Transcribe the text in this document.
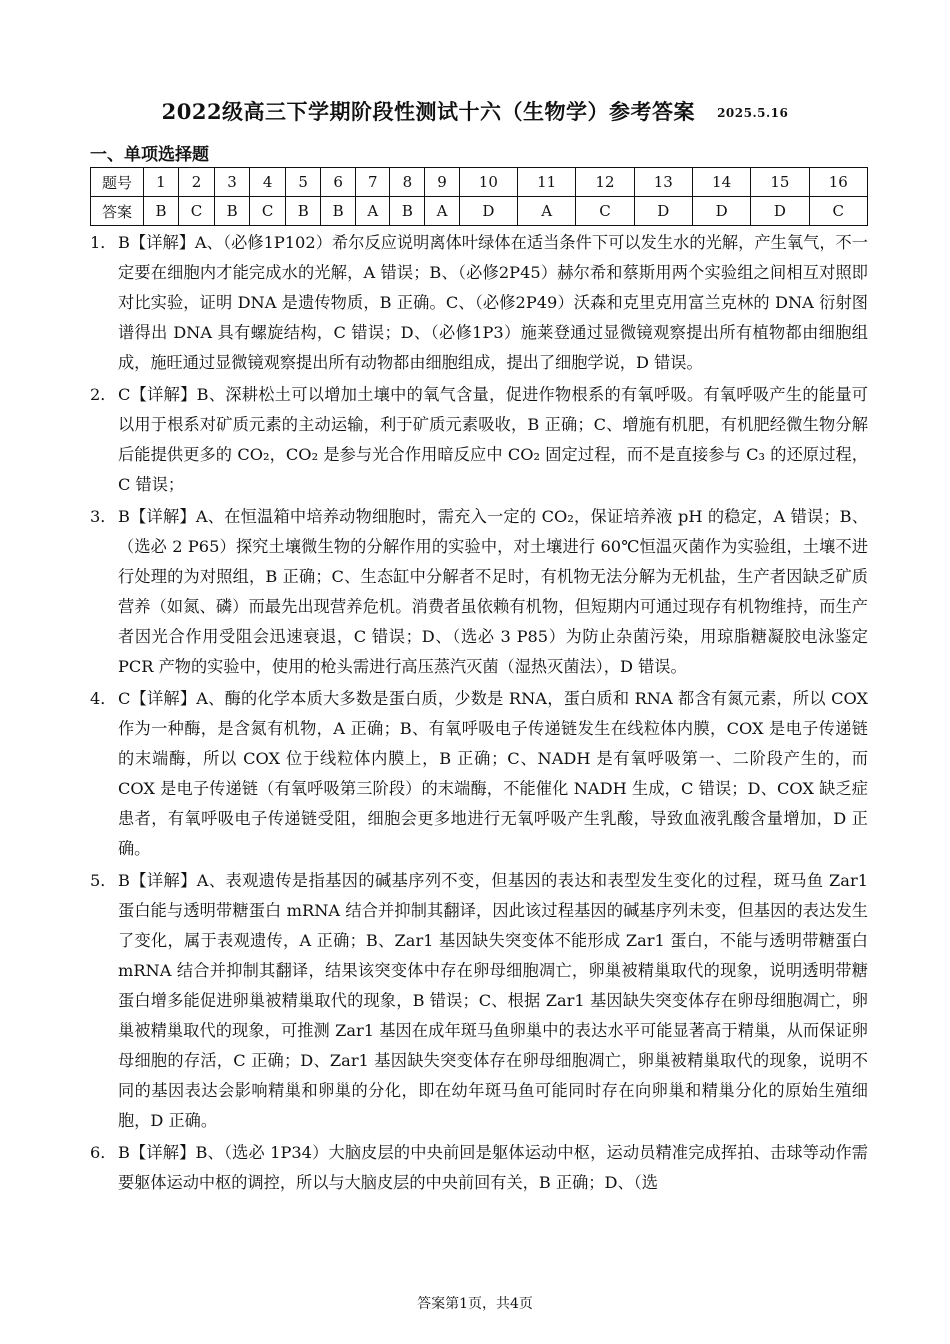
2022级高三下学期阶段性测试十六（生物学）参考答案 2025.5.16
一、单项选择题
题号	1	2	3	4	5	6	7	8	9	10	11	12	13	14	15	16
答案	B	C	B	C	B	B	A	B	A	D	A	C	D	D	D	C
1．B【详解】A、（必修1P102）希尔反应说明离体叶绿体在适当条件下可以发生水的光解，产生氧气，不一定要在细胞内才能完成水的光解，A 错误；B、（必修2P45）赫尔希和蔡斯用两个实验组之间相互对照即对比实验，证明 DNA 是遗传物质，B 正确。C、（必修2P49）沃森和克里克用富兰克林的 DNA 衍射图谱得出 DNA 具有螺旋结构，C 错误；D、（必修1P3）施莱登通过显微镜观察提出所有植物都由细胞组成，施旺通过显微镜观察提出所有动物都由细胞组成，提出了细胞学说，D 错误。
2．C【详解】B、深耕松土可以增加土壤中的氧气含量，促进作物根系的有氧呼吸。有氧呼吸产生的能量可以用于根系对矿质元素的主动运输，利于矿质元素吸收，B 正确；C、增施有机肥，有机肥经微生物分解后能提供更多的 CO₂，CO₂ 是参与光合作用暗反应中 CO₂ 固定过程，而不是直接参与 C₃ 的还原过程，C 错误；
3．B【详解】A、在恒温箱中培养动物细胞时，需充入一定的 CO₂，保证培养液 pH 的稳定，A 错误；B、（选必 2 P65）探究土壤微生物的分解作用的实验中，对土壤进行 60℃恒温灭菌作为实验组，土壤不进行处理的为对照组，B 正确；C、生态缸中分解者不足时，有机物无法分解为无机盐，生产者因缺乏矿质营养（如氮、磷）而最先出现营养危机。消费者虽依赖有机物，但短期内可通过现存有机物维持，而生产者因光合作用受阻会迅速衰退，C 错误；D、（选必 3 P85）为防止杂菌污染，用琼脂糖凝胶电泳鉴定 PCR 产物的实验中，使用的枪头需进行高压蒸汽灭菌（湿热灭菌法），D 错误。
4．C【详解】A、酶的化学本质大多数是蛋白质，少数是 RNA，蛋白质和 RNA 都含有氮元素，所以 COX 作为一种酶，是含氮有机物，A 正确；B、有氧呼吸电子传递链发生在线粒体内膜，COX 是电子传递链的末端酶，所以 COX 位于线粒体内膜上，B 正确；C、NADH 是有氧呼吸第一、二阶段产生的，而 COX 是电子传递链（有氧呼吸第三阶段）的末端酶，不能催化 NADH 生成，C 错误；D、COX 缺乏症患者，有氧呼吸电子传递链受阻，细胞会更多地进行无氧呼吸产生乳酸，导致血液乳酸含量增加，D 正确。
5．B【详解】A、表观遗传是指基因的碱基序列不变，但基因的表达和表型发生变化的过程，斑马鱼 Zar1 蛋白能与透明带糖蛋白 mRNA 结合并抑制其翻译，因此该过程基因的碱基序列未变，但基因的表达发生了变化，属于表观遗传，A 正确；B、Zar1 基因缺失突变体不能形成 Zar1 蛋白，不能与透明带糖蛋白 mRNA 结合并抑制其翻译，结果该突变体中存在卵母细胞凋亡，卵巢被精巢取代的现象，说明透明带糖蛋白增多能促进卵巢被精巢取代的现象，B 错误；C、根据 Zar1 基因缺失突变体存在卵母细胞凋亡，卵巢被精巢取代的现象，可推测 Zar1 基因在成年斑马鱼卵巢中的表达水平可能显著高于精巢，从而保证卵母细胞的存活，C 正确；D、Zar1 基因缺失突变体存在卵母细胞凋亡，卵巢被精巢取代的现象，说明不同的基因表达会影响精巢和卵巢的分化，即在幼年斑马鱼可能同时存在向卵巢和精巢分化的原始生殖细胞，D 正确。
6．B【详解】B、（选必 1P34）大脑皮层的中央前回是躯体运动中枢，运动员精准完成挥拍、击球等动作需要躯体运动中枢的调控，所以与大脑皮层的中央前回有关，B 正确；D、（选
答案第1页，共4页
